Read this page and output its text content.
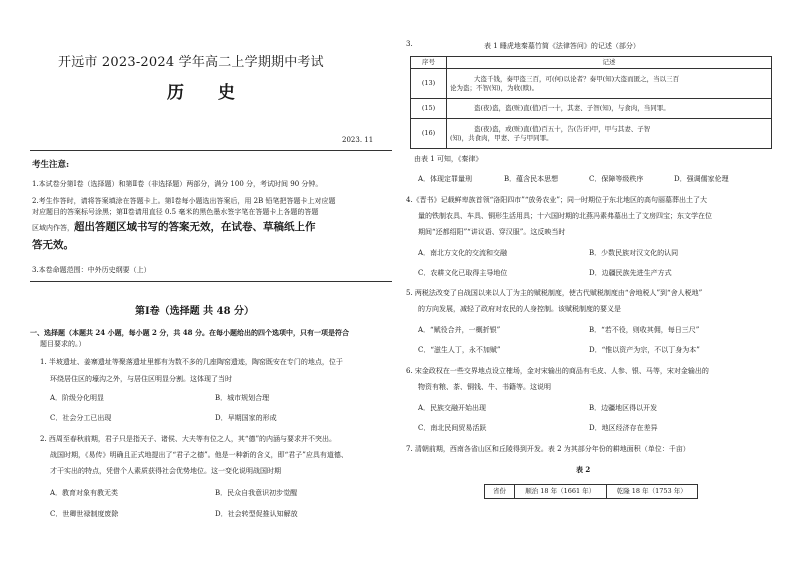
开远市 2023-2024 学年高二上学期期中考试
历 史
2023. 11
考生注意:
1.本试卷分第Ⅰ卷（选择题）和第Ⅱ卷（非选择题）两部分，满分 100 分，考试时间 90 分钟。
2.考生作答时，请将答案填涂在答题卡上。第Ⅰ卷每小题选出答案后，用 2B 铅笔把答题卡上对应题
对应题目的答案标号涂黑；第Ⅱ卷请用直径 0.5 毫米的黑色墨水签字笔在答题卡上各题的答题
区域内作答，超出答题区域书写的答案无效，在试卷、草稿纸上作
答无效。
3.本卷命题范围：中外历史纲要（上）
第Ⅰ卷（选择题 共 48 分）
一、选择题（本题共 24 小题，每小题 2 分，共 48 分。在每小题给出的四个选项中，只有一项是符合
题目要求的。）
1. 半坡遗址、姜寨遗址等聚落遗址里都有为数不多的几座陶窑遗迹，陶窑既安在专门的地点，位于
环绕居住区的壕沟之外，与居住区明显分割。这体现了当时
A．阶级分化明显	B．城市规划合理
C．社会分工已出现	D．早期国家的形成
2. 西周至春秋前期，君子只是指天子、诸侯、大夫等有位之人，其“德”的内涵与要求并不突出。
战国时期，《易传》明确且正式地提出了“君子之德”。他是一种新的含义，即“君子”应具有道德、
才干实出的特点，凭借个人素质获得社会优势地位。这一变化说明战国时期
A．教育对象有教无类	B．民众自我意识初步觉醒
C．世卿世禄制度废除	D．社会转型促推认知解放
3.	表 1 睡虎地秦墓竹简《法律答问》的记述（部分）
序号	记述
(13)	大盗千钱，奏甲盗三百，可(何)以论者？奏甲(知)大盗而匿之，当以三百
论为盗；不智(知)，为收(赎)。

(15)	盗(夜)盗，盗(赃)直(值)百一十，其妻、子智(知)，与食肉，当同罪。

(16)	盗(夜)盗，或(赃)直(值)百五十，告(告讦)甲，甲与其妻、子智
(知)，共食肉，甲妻、子与甲同罪。
由表 1 可知，《秦律》
A．体现定罪量刑	B．蕴含民本思想	C．保障等级秩序	D．强调儒家伦理
4.《晋书》记载鲜卑族首领“洛阳四市”“放务农业”；同一时期位于东北地区的高句丽墓葬出土了大
量的铁制农具、车具、铜形生活用具；十六国时期的北燕冯素弗墓出土了文房四宝；东文学在位
期间“还都绍阳”“讲议语、穿汉服”。这反映当时
A．南北方文化的交流和交融	B．少数民族对汉文化的认同
C．农耕文化已取得主导地位	D．边疆民族先进生产方式
5. 两税法改变了自战国以来以人丁为主的赋税制度，使古代赋税制度由“舍地税人”到“舍人税地”
的方向发展，减轻了政府对农民的人身控制。该赋税制度的要义是
A．“赋役合并，一概折银”	B．“若不役，则收其佣，每日三尺”
C．“滋生人丁，永不加赋”	D．“惟以资产为宗，不以丁身为本”
6. 宋金政权在一些交界地点设立榷场，金对宋输出的商品有毛皮、人参、银、马等，宋对金输出的
物资有粮、茶、铜钱、牛、书籍等。这说明
A．民族交融开始出现	B．边疆地区得以开发
C．南北民间贸易活跃	D．地区经济存在差异
7. 清朝前期，西南各省山区和丘陵得到开发。表 2 为其部分年份的耕地面积（单位：千亩）
表 2
省份	顺治 18 年（1661 年）	乾隆 18 年（1753 年）
